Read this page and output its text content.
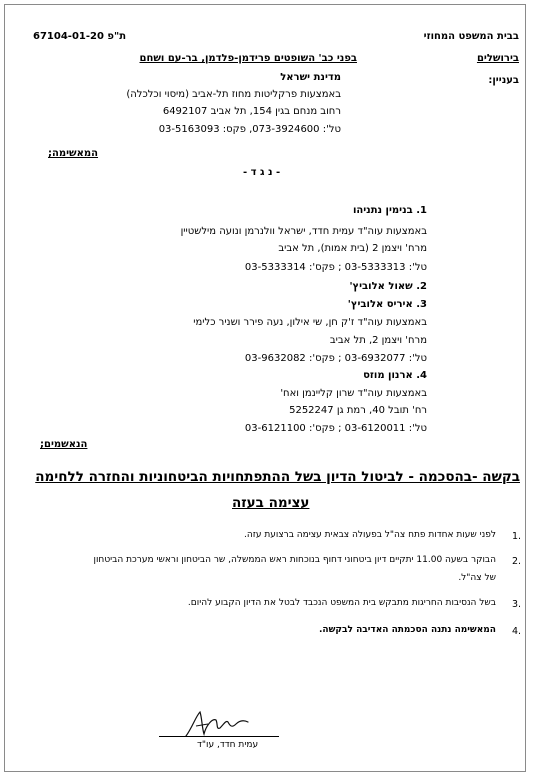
בבית המשפט המחוזי
ת"פ 67104-01-20
בירושלים
בפני כב' השופטים פרידמן-פלדמן, בר-עם ושחם
בעניין:
מדינת ישראל
באמצעות פרקליטות מחוז תל-אביב (מיסוי וכלכלה)
רחוב מנחם בגין 154, תל אביב 6492107
טל': 073-3924600, פקס: 03-5163093
המאשימה;
- נ ג ד -
1. בנימין נתניהו
באמצעות עוה"ד עמית חדד, ישראל וולנרמן ונועה מילשטיין
מרח' ויצמן 2 (בית אמות), תל אביב
טל': 03-5333313 ; פקס': 03-5333314
2. שאול אלוביץ'
3. איריס אלוביץ'
באמצעות עוה"ד ז'ק חן, שי אילון, נעה פירר ושניר כלימי
מרח' ויצמן 2, תל אביב
טל': 03-6932077 ; פקס': 03-9632082
4. ארנון מוזס
באמצעות עוה"ד שרון קליינמן ואח'
רח' תובל 40, רמת גן 5252247
טל': 03-6120011 ; פקס': 03-6121100
הנאשמים;
בקשה -בהסכמה - לביטול הדיון בשל ההתפתחויות הביטחוניות והחזרה ללחימה
עצימה בעזה
1.
לפני שעות אחדות פתח צה"ל בפעולה צבאית עצימה ברצועת עזה.
2.
הבוקר בשעה 11.00 יתקיים דיון ביטחוני דחוף בנוכחות ראש הממשלה, שר הביטחון וראשי מערכת הביטחון
של צה"ל.
3.
בשל הנסיבות החריגות מתבקש בית המשפט הנכבד לבטל את הדיון הקבוע להיום.
4.
המאשימה נתנה הסכמתה האדיבה לבקשה.
עמית חדד, עו"ד
